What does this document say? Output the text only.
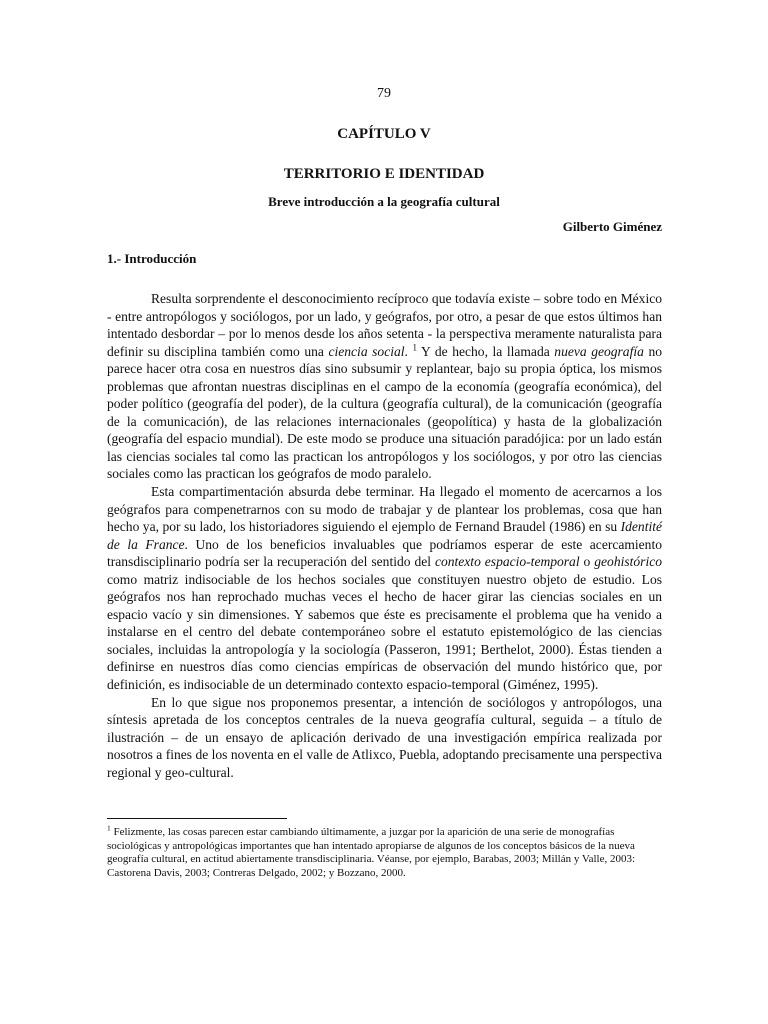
79
CAPÍTULO V
TERRITORIO E IDENTIDAD
Breve introducción a la geografía cultural
Gilberto Giménez
1.- Introducción

Resulta sorprendente el desconocimiento recíproco que todavía existe – sobre todo en México - entre antropólogos y sociólogos, por un lado, y geógrafos, por otro, a pesar de que estos últimos han intentado desbordar – por lo menos desde los años setenta - la perspectiva meramente naturalista para definir su disciplina también como una ciencia social. $^1$ Y de hecho, la llamada nueva geografía no parece hacer otra cosa en nuestros días sino subsumir y replantear, bajo su propia óptica, los mismos problemas que afrontan nuestras disciplinas en el campo de la economía (geografía económica), del poder político (geografía del poder), de la cultura (geografía cultural), de la comunicación (geografía de la comunicación), de las relaciones internacionales (geopolítica) y hasta de la globalización (geografía del espacio mundial). De este modo se produce una situación paradójica: por un lado están las ciencias sociales tal como las practican los antropólogos y los sociólogos, y por otro las ciencias sociales como las practican los geógrafos de modo paralelo.

Esta compartimentación absurda debe terminar. Ha llegado el momento de acercarnos a los geógrafos para compenetrarnos con su modo de trabajar y de plantear los problemas, cosa que han hecho ya, por su lado, los historiadores siguiendo el ejemplo de Fernand Braudel (1986) en su Identité de la France. Uno de los beneficios invaluables que podríamos esperar de este acercamiento transdisciplinario podría ser la recuperación del sentido del contexto espacio-temporal o geohistórico como matriz indisociable de los hechos sociales que constituyen nuestro objeto de estudio. Los geógrafos nos han reprochado muchas veces el hecho de hacer girar las ciencias sociales en un espacio vacío y sin dimensiones. Y sabemos que éste es precisamente el problema que ha venido a instalarse en el centro del debate contemporáneo sobre el estatuto epistemológico de las ciencias sociales, incluidas la antropología y la sociología (Passeron, 1991; Berthelot, 2000). Éstas tienden a definirse en nuestros días como ciencias empíricas de observación del mundo histórico que, por definición, es indisociable de un determinado contexto espacio-temporal (Giménez, 1995).

En lo que sigue nos proponemos presentar, a intención de sociólogos y antropólogos, una síntesis apretada de los conceptos centrales de la nueva geografía cultural, seguida – a título de ilustración – de un ensayo de aplicación derivado de una investigación empírica realizada por nosotros a fines de los noventa en el valle de Atlixco, Puebla, adoptando precisamente una perspectiva regional y geo-cultural.

$^1$ Felizmente, las cosas parecen estar cambiando últimamente, a juzgar por la aparición de una serie de monografías sociológicas y antropológicas importantes que han intentado apropiarse de algunos de los conceptos básicos de la nueva geografía cultural, en actitud abiertamente transdisciplinaria. Véanse, por ejemplo, Barabas, 2003; Millán y Valle, 2003: Castorena Davis, 2003; Contreras Delgado, 2002; y Bozzano, 2000.
